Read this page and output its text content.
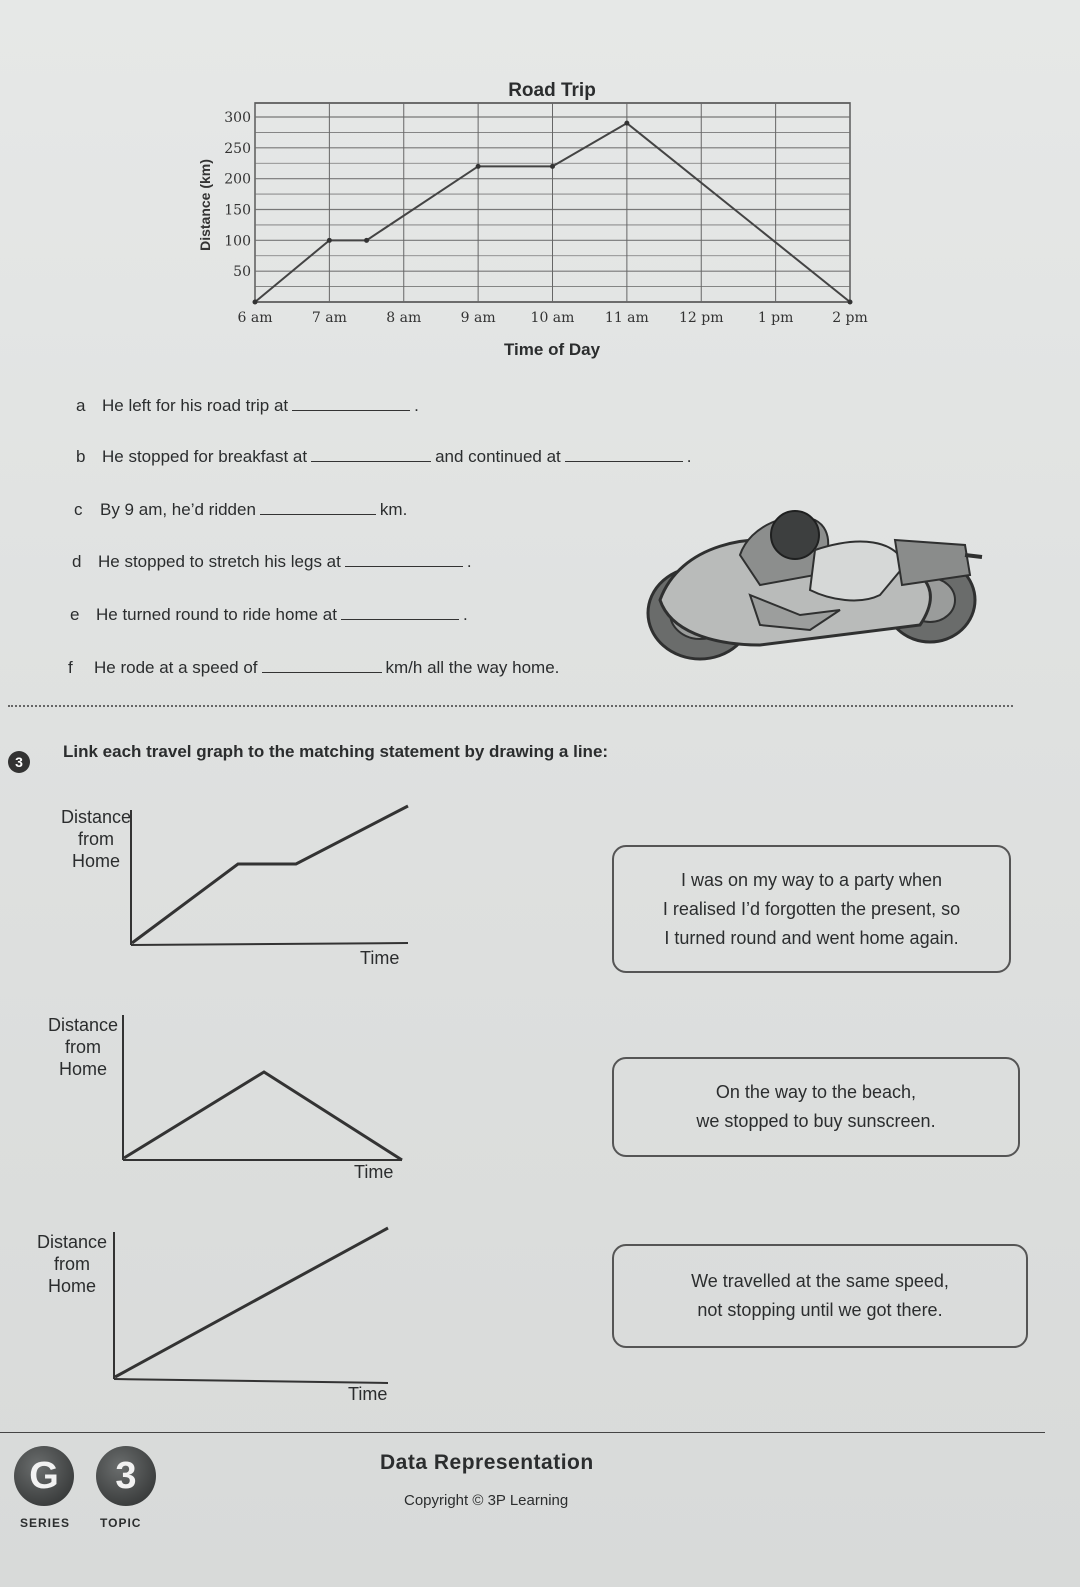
Road Trip
50
100
150
200
250
300
6 am	7 am	8 am	9 am 10 am 11 am 12 pm 1 pm	2 pm
Distance (km)
Time of Day
a He left for his road trip at	.
b He stopped for breakfast at	and continued at	.
c By 9 am, he’d ridden	km.
d He stopped to stretch his legs at	.
e He turned round to ride home at	.
f He rode at a speed of	km/h all the way home.
3
Link each travel graph to the matching statement by drawing a line:
Distance
from
Home
Time
Distance
from
Home
Time
Distance
from
Home
Time
I was on my way to a party when
I realised I’d forgotten the present, so
I turned round and went home again.
On the way to the beach,
we stopped to buy sunscreen.
We travelled at the same speed,
not stopping until we got there.
G	3
SERIES TOPIC
Data Representation
Copyright © 3P Learning
